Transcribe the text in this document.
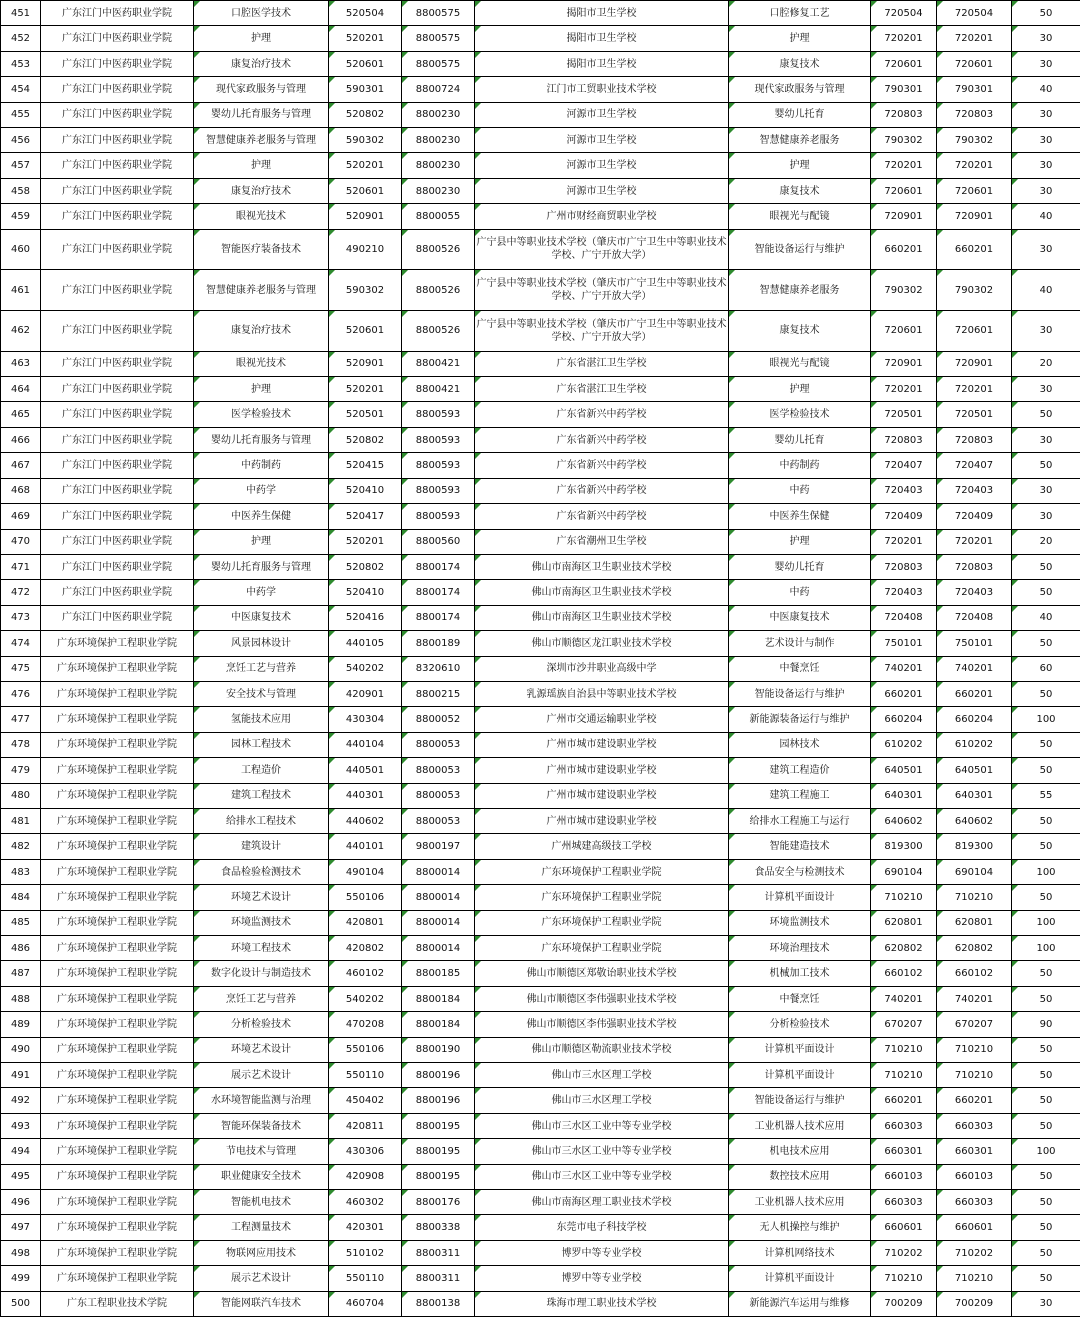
451	广东江门中医药职业学院	口腔医学技术	520504	8800575	揭阳市卫生学校	口腔修复工艺	720504	720504	50
452	广东江门中医药职业学院	护理	520201	8800575	揭阳市卫生学校	护理	720201	720201	30
453	广东江门中医药职业学院	康复治疗技术	520601	8800575	揭阳市卫生学校	康复技术	720601	720601	30
454	广东江门中医药职业学院	现代家政服务与管理	590301	8800724	江门市工贸职业技术学校	现代家政服务与管理	790301	790301	40
455	广东江门中医药职业学院	婴幼儿托育服务与管理	520802	8800230	河源市卫生学校	婴幼儿托育	720803	720803	30
456	广东江门中医药职业学院	智慧健康养老服务与管理	590302	8800230	河源市卫生学校	智慧健康养老服务	790302	790302	30
457	广东江门中医药职业学院	护理	520201	8800230	河源市卫生学校	护理	720201	720201	30
458	广东江门中医药职业学院	康复治疗技术	520601	8800230	河源市卫生学校	康复技术	720601	720601	30
459	广东江门中医药职业学院	眼视光技术	520901	8800055	广州市财经商贸职业学校	眼视光与配镜	720901	720901	40
460	广东江门中医药职业学院	智能医疗装备技术	490210	8800526	广宁县中等职业技术学校（肇庆市广宁卫生中等职业技术学校、广宁开放大学）	智能设备运行与维护	660201	660201	30
461	广东江门中医药职业学院	智慧健康养老服务与管理	590302	8800526	广宁县中等职业技术学校（肇庆市广宁卫生中等职业技术学校、广宁开放大学）	智慧健康养老服务	790302	790302	40
462	广东江门中医药职业学院	康复治疗技术	520601	8800526	广宁县中等职业技术学校（肇庆市广宁卫生中等职业技术学校、广宁开放大学）	康复技术	720601	720601	30
463	广东江门中医药职业学院	眼视光技术	520901	8800421	广东省湛江卫生学校	眼视光与配镜	720901	720901	20
464	广东江门中医药职业学院	护理	520201	8800421	广东省湛江卫生学校	护理	720201	720201	30
465	广东江门中医药职业学院	医学检验技术	520501	8800593	广东省新兴中药学校	医学检验技术	720501	720501	50
466	广东江门中医药职业学院	婴幼儿托育服务与管理	520802	8800593	广东省新兴中药学校	婴幼儿托育	720803	720803	30
467	广东江门中医药职业学院	中药制药	520415	8800593	广东省新兴中药学校	中药制药	720407	720407	50
468	广东江门中医药职业学院	中药学	520410	8800593	广东省新兴中药学校	中药	720403	720403	30
469	广东江门中医药职业学院	中医养生保健	520417	8800593	广东省新兴中药学校	中医养生保健	720409	720409	30
470	广东江门中医药职业学院	护理	520201	8800560	广东省潮州卫生学校	护理	720201	720201	20
471	广东江门中医药职业学院	婴幼儿托育服务与管理	520802	8800174	佛山市南海区卫生职业技术学校	婴幼儿托育	720803	720803	50
472	广东江门中医药职业学院	中药学	520410	8800174	佛山市南海区卫生职业技术学校	中药	720403	720403	50
473	广东江门中医药职业学院	中医康复技术	520416	8800174	佛山市南海区卫生职业技术学校	中医康复技术	720408	720408	40
474	广东环境保护工程职业学院	风景园林设计	440105	8800189	佛山市顺德区龙江职业技术学校	艺术设计与制作	750101	750101	50
475	广东环境保护工程职业学院	烹饪工艺与营养	540202	8320610	深圳市沙井职业高级中学	中餐烹饪	740201	740201	60
476	广东环境保护工程职业学院	安全技术与管理	420901	8800215	乳源瑶族自治县中等职业技术学校	智能设备运行与维护	660201	660201	50
477	广东环境保护工程职业学院	氢能技术应用	430304	8800052	广州市交通运输职业学校	新能源装备运行与维护	660204	660204	100
478	广东环境保护工程职业学院	园林工程技术	440104	8800053	广州市城市建设职业学校	园林技术	610202	610202	50
479	广东环境保护工程职业学院	工程造价	440501	8800053	广州市城市建设职业学校	建筑工程造价	640501	640501	50
480	广东环境保护工程职业学院	建筑工程技术	440301	8800053	广州市城市建设职业学校	建筑工程施工	640301	640301	55
481	广东环境保护工程职业学院	给排水工程技术	440602	8800053	广州市城市建设职业学校	给排水工程施工与运行	640602	640602	50
482	广东环境保护工程职业学院	建筑设计	440101	9800197	广州城建高级技工学校	智能建造技术	819300	819300	50
483	广东环境保护工程职业学院	食品检验检测技术	490104	8800014	广东环境保护工程职业学院	食品安全与检测技术	690104	690104	100
484	广东环境保护工程职业学院	环境艺术设计	550106	8800014	广东环境保护工程职业学院	计算机平面设计	710210	710210	50
485	广东环境保护工程职业学院	环境监测技术	420801	8800014	广东环境保护工程职业学院	环境监测技术	620801	620801	100
486	广东环境保护工程职业学院	环境工程技术	420802	8800014	广东环境保护工程职业学院	环境治理技术	620802	620802	100
487	广东环境保护工程职业学院	数字化设计与制造技术	460102	8800185	佛山市顺德区郑敬诒职业技术学校	机械加工技术	660102	660102	50
488	广东环境保护工程职业学院	烹饪工艺与营养	540202	8800184	佛山市顺德区李伟强职业技术学校	中餐烹饪	740201	740201	50
489	广东环境保护工程职业学院	分析检验技术	470208	8800184	佛山市顺德区李伟强职业技术学校	分析检验技术	670207	670207	90
490	广东环境保护工程职业学院	环境艺术设计	550106	8800190	佛山市顺德区勒流职业技术学校	计算机平面设计	710210	710210	50
491	广东环境保护工程职业学院	展示艺术设计	550110	8800196	佛山市三水区理工学校	计算机平面设计	710210	710210	50
492	广东环境保护工程职业学院	水环境智能监测与治理	450402	8800196	佛山市三水区理工学校	智能设备运行与维护	660201	660201	50
493	广东环境保护工程职业学院	智能环保装备技术	420811	8800195	佛山市三水区工业中等专业学校	工业机器人技术应用	660303	660303	50
494	广东环境保护工程职业学院	节电技术与管理	430306	8800195	佛山市三水区工业中等专业学校	机电技术应用	660301	660301	100
495	广东环境保护工程职业学院	职业健康安全技术	420908	8800195	佛山市三水区工业中等专业学校	数控技术应用	660103	660103	50
496	广东环境保护工程职业学院	智能机电技术	460302	8800176	佛山市南海区理工职业技术学校	工业机器人技术应用	660303	660303	50
497	广东环境保护工程职业学院	工程测量技术	420301	8800338	东莞市电子科技学校	无人机操控与维护	660601	660601	50
498	广东环境保护工程职业学院	物联网应用技术	510102	8800311	博罗中等专业学校	计算机网络技术	710202	710202	50
499	广东环境保护工程职业学院	展示艺术设计	550110	8800311	博罗中等专业学校	计算机平面设计	710210	710210	50
500	广东工程职业技术学院	智能网联汽车技术	460704	8800138	珠海市理工职业技术学校	新能源汽车运用与维修	700209	700209	30
